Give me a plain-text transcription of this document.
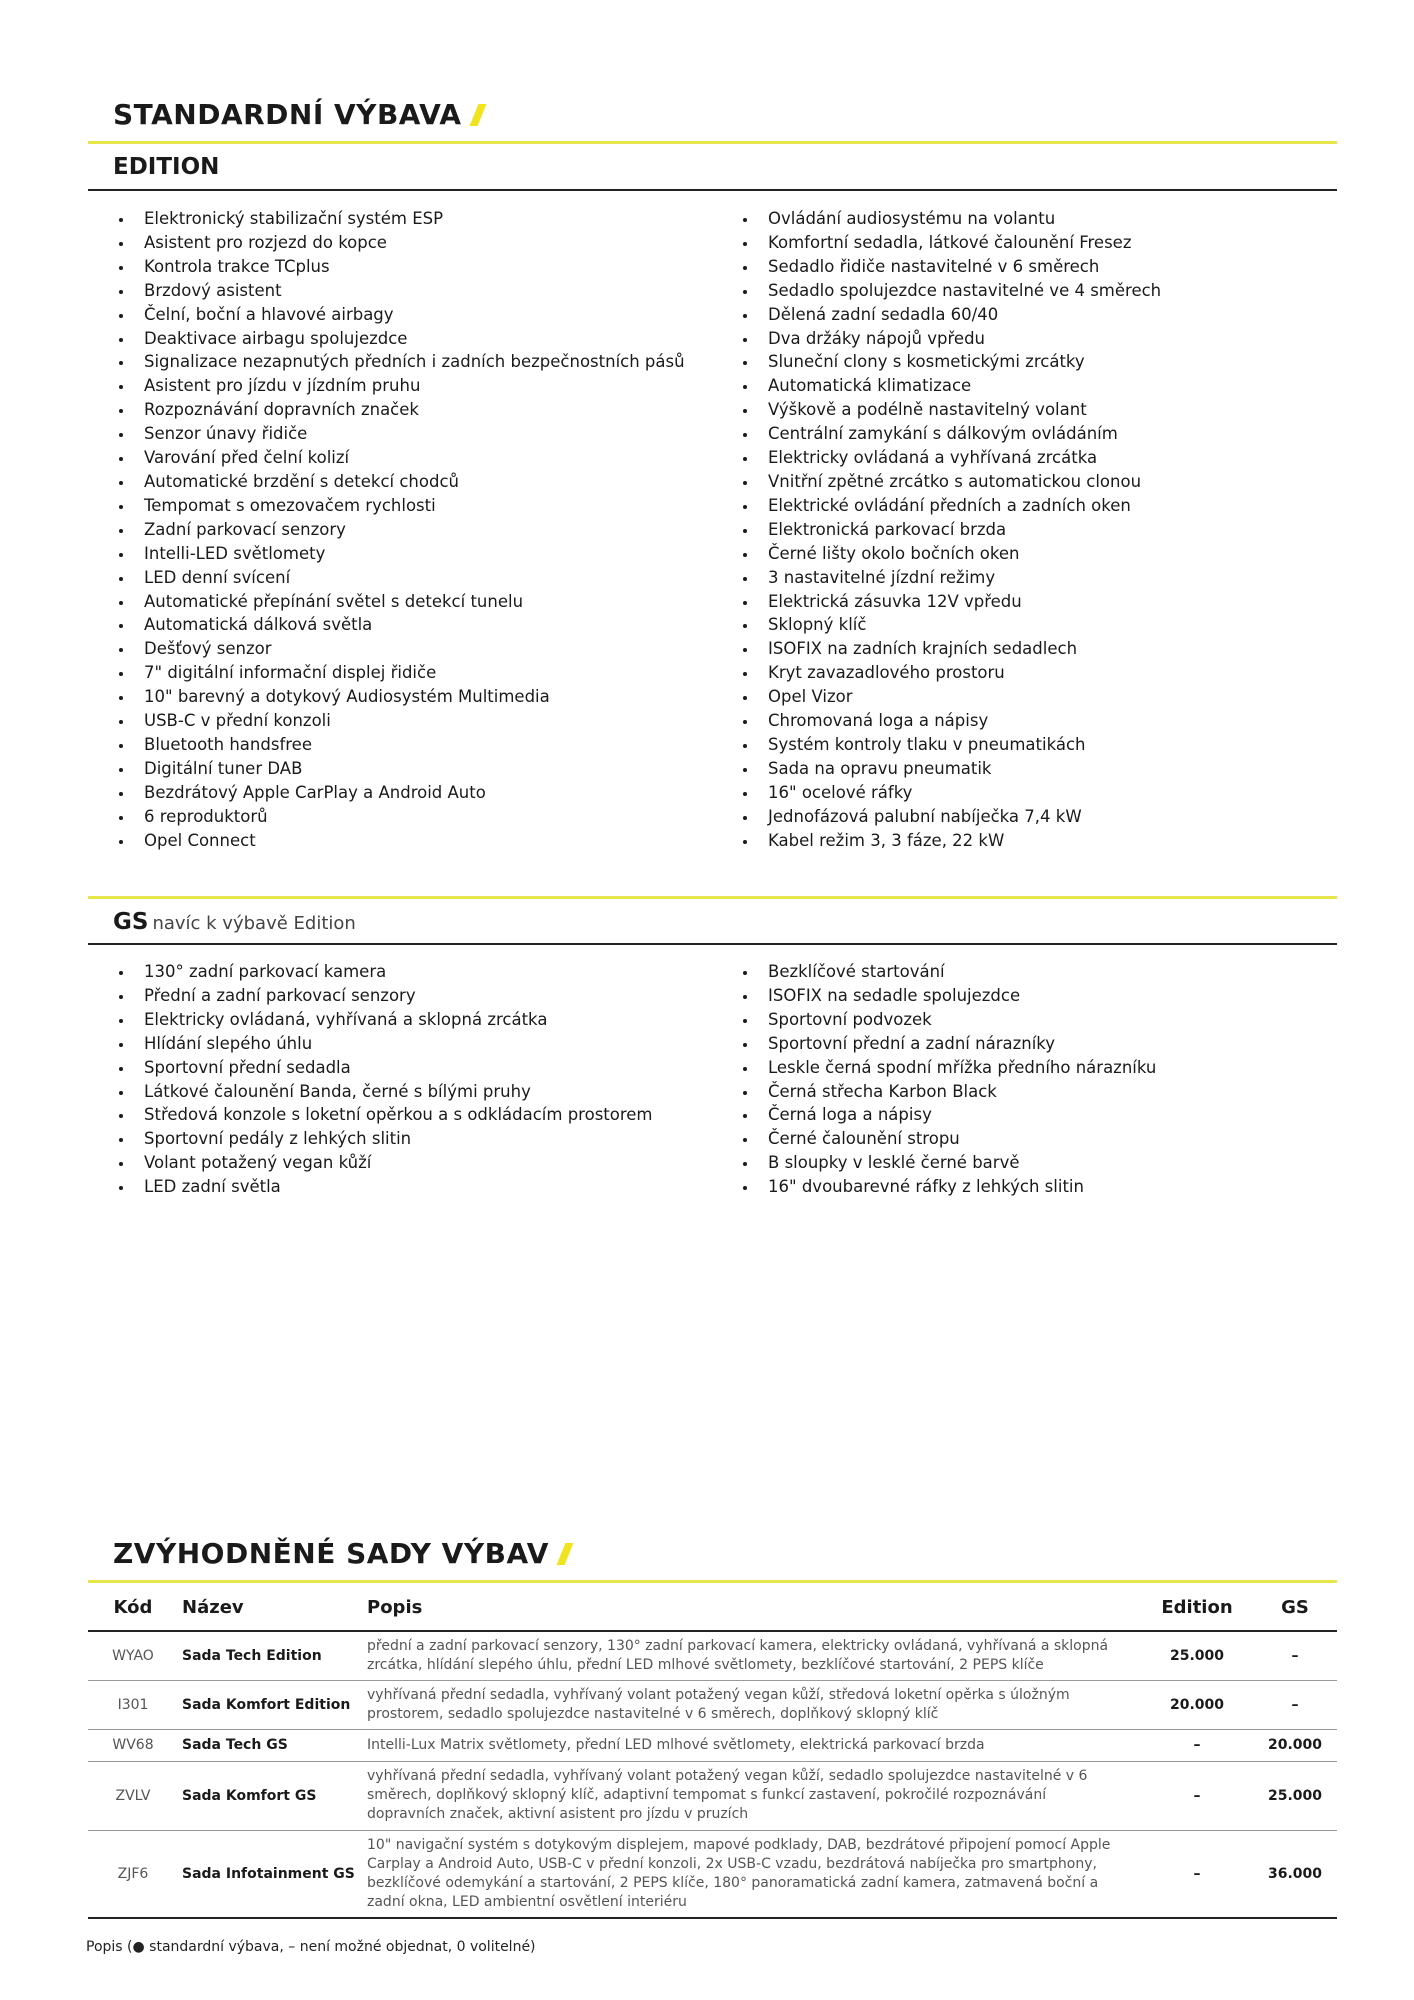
STANDARDNÍ VÝBAVA
EDITION
Elektronický stabilizační systém ESP
Asistent pro rozjezd do kopce
Kontrola trakce TCplus
Brzdový asistent
Čelní, boční a hlavové airbagy
Deaktivace airbagu spolujezdce
Signalizace nezapnutých předních i zadních bezpečnostních pásů
Asistent pro jízdu v jízdním pruhu
Rozpoznávání dopravních značek
Senzor únavy řidiče
Varování před čelní kolizí
Automatické brzdění s detekcí chodců
Tempomat s omezovačem rychlosti
Zadní parkovací senzory
Intelli-LED světlomety
LED denní svícení
Automatické přepínání světel s detekcí tunelu
Automatická dálková světla
Dešťový senzor
7" digitální informační displej řidiče
10" barevný a dotykový Audiosystém Multimedia
USB-C v přední konzoli
Bluetooth handsfree
Digitální tuner DAB
Bezdrátový Apple CarPlay a Android Auto
6 reproduktorů
Opel Connect
Ovládání audiosystému na volantu
Komfortní sedadla, látkové čalounění Fresez
Sedadlo řidiče nastavitelné v 6 směrech
Sedadlo spolujezdce nastavitelné ve 4 směrech
Dělená zadní sedadla 60/40
Dva držáky nápojů vpředu
Sluneční clony s kosmetickými zrcátky
Automatická klimatizace
Výškově a podélně nastavitelný volant
Centrální zamykání s dálkovým ovládáním
Elektricky ovládaná a vyhřívaná zrcátka
Vnitřní zpětné zrcátko s automatickou clonou
Elektrické ovládání předních a zadních oken
Elektronická parkovací brzda
Černé lišty okolo bočních oken
3 nastavitelné jízdní režimy
Elektrická zásuvka 12V vpředu
Sklopný klíč
ISOFIX na zadních krajních sedadlech
Kryt zavazadlového prostoru
Opel Vizor
Chromovaná loga a nápisy
Systém kontroly tlaku v pneumatikách
Sada na opravu pneumatik
16" ocelové ráfky
Jednofázová palubní nabíječka 7,4 kW
Kabel režim 3, 3 fáze, 22 kW
GS navíc k výbavě Edition
130° zadní parkovací kamera
Přední a zadní parkovací senzory
Elektricky ovládaná, vyhřívaná a sklopná zrcátka
Hlídání slepého úhlu
Sportovní přední sedadla
Látkové čalounění Banda, černé s bílými pruhy
Středová konzole s loketní opěrkou a s odkládacím prostorem
Sportovní pedály z lehkých slitin
Volant potažený vegan kůží
LED zadní světla
Bezklíčové startování
ISOFIX na sedadle spolujezdce
Sportovní podvozek
Sportovní přední a zadní nárazníky
Leskle černá spodní mřížka předního nárazníku
Černá střecha Karbon Black
Černá loga a nápisy
Černé čalounění stropu
B sloupky v lesklé černé barvě
16" dvoubarevné ráfky z lehkých slitin
ZVÝHODNĚNÉ SADY VÝBAV
Kód	Název	Popis	Edition	GS
WYAO	Sada Tech Edition	přední a zadní parkovací senzory, 130° zadní parkovací kamera, elektricky ovládaná, vyhřívaná a sklopná zrcátka, hlídání slepého úhlu, přední LED mlhové světlomety, bezklíčové startování, 2 PEPS klíče	25.000	–
I301	Sada Komfort Edition	vyhřívaná přední sedadla, vyhřívaný volant potažený vegan kůží, středová loketní opěrka s úložným prostorem, sedadlo spolujezdce nastavitelné v 6 směrech, doplňkový sklopný klíč	20.000	–
WV68	Sada Tech GS	Intelli-Lux Matrix světlomety, přední LED mlhové světlomety, elektrická parkovací brzda	–	20.000
ZVLV	Sada Komfort GS	vyhřívaná přední sedadla, vyhřívaný volant potažený vegan kůží, sedadlo spolujezdce nastavitelné v 6 směrech, doplňkový sklopný klíč, adaptivní tempomat s funkcí zastavení, pokročilé rozpoznávání dopravních značek, aktivní asistent pro jízdu v pruzích	–	25.000
ZJF6	Sada Infotainment GS	10" navigační systém s dotykovým displejem, mapové podklady, DAB, bezdrátové připojení pomocí Apple Carplay a Android Auto, USB-C v přední konzoli, 2x USB-C vzadu, bezdrátová nabíječka pro smartphony, bezklíčové odemykání a startování, 2 PEPS klíče, 180° panoramatická zadní kamera, zatmavená boční a zadní okna, LED ambientní osvětlení interiéru	–	36.000
Popis (● standardní výbava, – není možné objednat, 0 volitelné)
